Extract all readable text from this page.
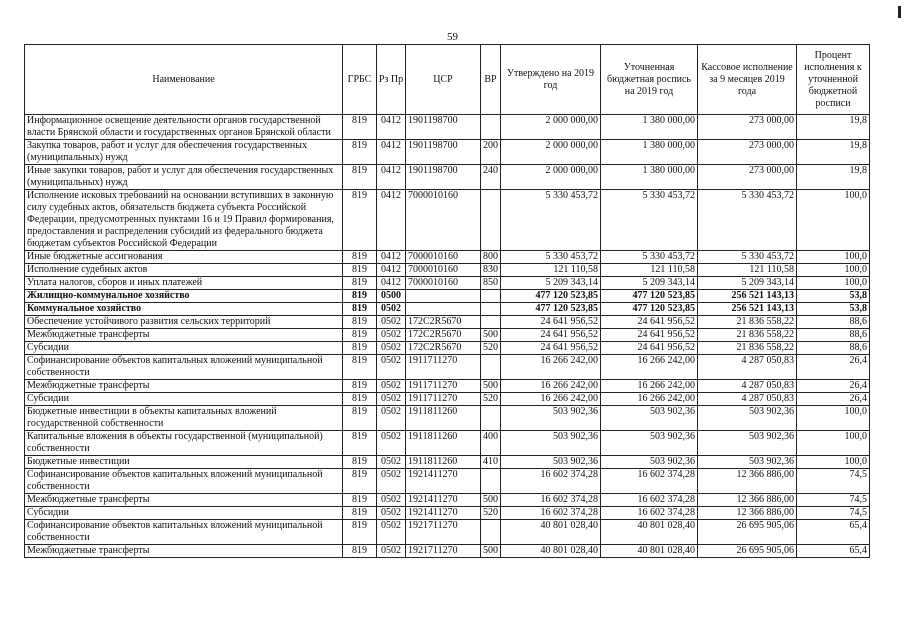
59
Наименование	ГРБС	Рз Пр	ЦСР	ВР	Утверждено на 2019 год	Уточненная бюджетная роспись на 2019 год	Кассовое исполнение за 9 месяцев 2019 года	Процент исполнения к уточненной бюджетной росписи
Информационное освещение деятельности органов государственной власти Брянской области и государственных органов Брянской области	819	0412	1901198700		2 000 000,00	1 380 000,00	273 000,00	19,8
Закупка товаров, работ и услуг для обеспечения государственных (муниципальных) нужд	819	0412	1901198700	200	2 000 000,00	1 380 000,00	273 000,00	19,8
Иные закупки товаров, работ и услуг для обеспечения государственных (муниципальных) нужд	819	0412	1901198700	240	2 000 000,00	1 380 000,00	273 000,00	19,8
Исполнение исковых требований на основании вступивших в законную силу судебных актов, обязательств бюджета субъекта Российской Федерации, предусмотренных пунктами 16 и 19 Правил формирования, предоставления и распределения субсидий из федерального бюджета бюджетам субъектов Российской Федерации	819	0412	7000010160		5 330 453,72	5 330 453,72	5 330 453,72	100,0
Иные бюджетные ассигнования	819	0412	7000010160	800	5 330 453,72	5 330 453,72	5 330 453,72	100,0
Исполнение судебных актов	819	0412	7000010160	830	121 110,58	121 110,58	121 110,58	100,0
Уплата налогов, сборов и иных платежей	819	0412	7000010160	850	5 209 343,14	5 209 343,14	5 209 343,14	100,0
Жилищно-коммунальное хозяйство	819	0500			477 120 523,85	477 120 523,85	256 521 143,13	53,8
Коммунальное хозяйство	819	0502			477 120 523,85	477 120 523,85	256 521 143,13	53,8
Обеспечение устойчивого развития сельских территорий	819	0502	172C2R5670		24 641 956,52	24 641 956,52	21 836 558,22	88,6
Межбюджетные трансферты	819	0502	172C2R5670	500	24 641 956,52	24 641 956,52	21 836 558,22	88,6
Субсидии	819	0502	172C2R5670	520	24 641 956,52	24 641 956,52	21 836 558,22	88,6
Софинансирование объектов капитальных вложений муниципальной собственности	819	0502	1911711270		16 266 242,00	16 266 242,00	4 287 050,83	26,4
Межбюджетные трансферты	819	0502	1911711270	500	16 266 242,00	16 266 242,00	4 287 050,83	26,4
Субсидии	819	0502	1911711270	520	16 266 242,00	16 266 242,00	4 287 050,83	26,4
Бюджетные инвестиции в объекты капитальных вложений государственной собственности	819	0502	1911811260		503 902,36	503 902,36	503 902,36	100,0
Капитальные вложения в объекты государственной (муниципальной) собственности	819	0502	1911811260	400	503 902,36	503 902,36	503 902,36	100,0
Бюджетные инвестиции	819	0502	1911811260	410	503 902,36	503 902,36	503 902,36	100,0
Софинансирование объектов капитальных вложений муниципальной собственности	819	0502	1921411270		16 602 374,28	16 602 374,28	12 366 886,00	74,5
Межбюджетные трансферты	819	0502	1921411270	500	16 602 374,28	16 602 374,28	12 366 886,00	74,5
Субсидии	819	0502	1921411270	520	16 602 374,28	16 602 374,28	12 366 886,00	74,5
Софинансирование объектов капитальных вложений муниципальной собственности	819	0502	1921711270		40 801 028,40	40 801 028,40	26 695 905,06	65,4
Межбюджетные трансферты	819	0502	1921711270	500	40 801 028,40	40 801 028,40	26 695 905,06	65,4
